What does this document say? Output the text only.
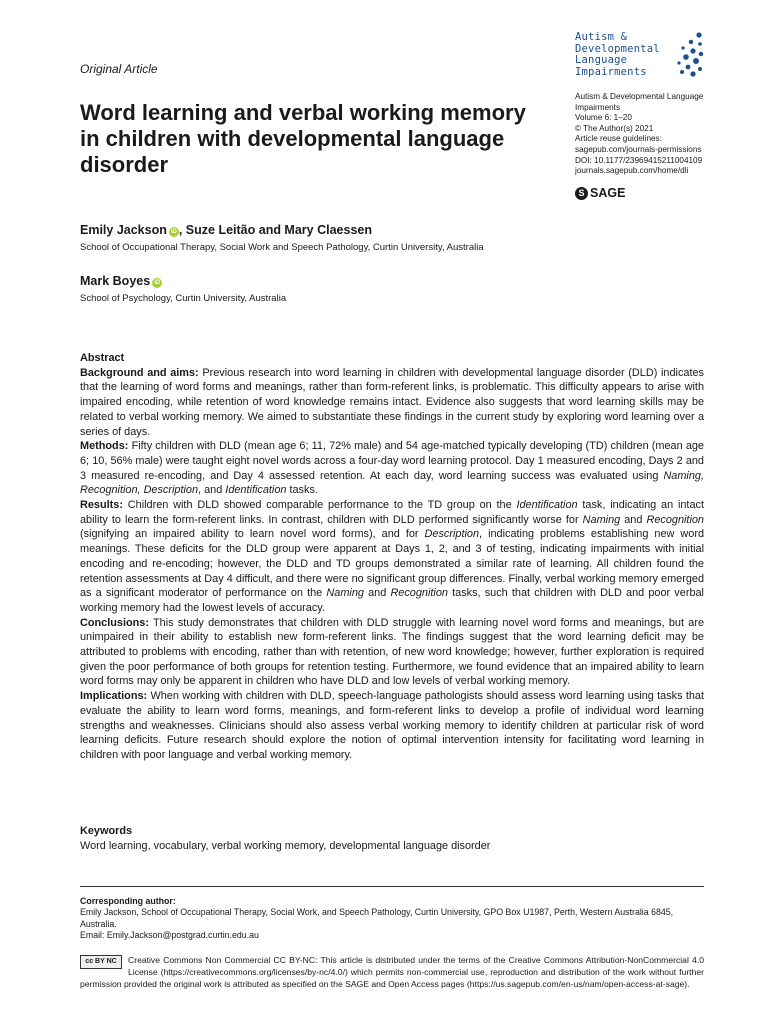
Original Article
Autism &
Developmental
Language
Impairments
Autism & Developmental Language
Impairments
Volume 6: 1–20
© The Author(s) 2021
Article reuse guidelines:
sagepub.com/journals-permissions
DOI: 10.1177/23969415211004109
journals.sagepub.com/home/dli
S SAGE
Word learning and verbal working memory in children with developmental language disorder
Emily Jackson iD , Suze Leitão and Mary Claessen
School of Occupational Therapy, Social Work and Speech Pathology, Curtin University, Australia
Mark Boyes iD
School of Psychology, Curtin University, Australia

Abstract

Background and aims: Previous research into word learning in children with developmental language disorder (DLD) indicates that the learning of word forms and meanings, rather than form-referent links, is problematic. This difficulty appears to arise with impaired encoding, while retention of word knowledge remains intact. Evidence also suggests that word learning skills may be related to verbal working memory. We aimed to substantiate these findings in the current study by exploring word learning over a series of days.

Methods: Fifty children with DLD (mean age 6; 11, 72% male) and 54 age-matched typically developing (TD) children (mean age 6; 10, 56% male) were taught eight novel words across a four-day word learning protocol. Day 1 measured encoding, Days 2 and 3 measured re-encoding, and Day 4 assessed retention. At each day, word learning success was evaluated using Naming, Recognition, Description, and Identification tasks.

Results: Children with DLD showed comparable performance to the TD group on the Identification task, indicating an intact ability to learn the form-referent links. In contrast, children with DLD performed significantly worse for Naming and Recognition (signifying an impaired ability to learn novel word forms), and for Description, indicating problems establishing new word meanings. These deficits for the DLD group were apparent at Days 1, 2, and 3 of testing, indicating impairments with initial encoding and re-encoding; however, the DLD and TD groups demonstrated a similar rate of learning. All children found the retention assessments at Day 4 difficult, and there were no significant group differences. Finally, verbal working memory emerged as a significant moderator of performance on the Naming and Recognition tasks, such that children with DLD and poor verbal working memory had the lowest levels of accuracy.

Conclusions: This study demonstrates that children with DLD struggle with learning novel word forms and meanings, but are unimpaired in their ability to establish new form-referent links. The findings suggest that the word learning deficit may be attributed to problems with encoding, rather than with retention, of new word knowledge; however, further exploration is required given the poor performance of both groups for retention testing. Furthermore, we found evidence that an impaired ability to learn word forms may only be apparent in children who have DLD and low levels of verbal working memory.

Implications: When working with children with DLD, speech-language pathologists should assess word learning using tasks that evaluate the ability to learn word forms, meanings, and form-referent links to develop a profile of individual word learning strengths and weaknesses. Clinicians should also assess verbal working memory to identify children at particular risk of word learning deficits. Future research should explore the notion of optimal intervention intensity for facilitating word learning in children with poor language and verbal working memory.

Keywords
Word learning, vocabulary, verbal working memory, developmental language disorder
Corresponding author:
Emily Jackson, School of Occupational Therapy, Social Work, and Speech Pathology, Curtin University, GPO Box U1987, Perth, Western Australia 6845, Australia.
Email: Emily.Jackson@postgrad.curtin.edu.au
cc BY NC	Creative Commons Non Commercial CC BY-NC: This article is distributed under the terms of the Creative Commons Attribution-NonCommercial 4.0 License (https://creativecommons.org/licenses/by-nc/4.0/) which permits non-commercial use, reproduction and distribution of the work without further permission provided the original work is attributed as specified on the SAGE and Open Access pages (https://us.sagepub.com/en-us/nam/open-access-at-sage).
